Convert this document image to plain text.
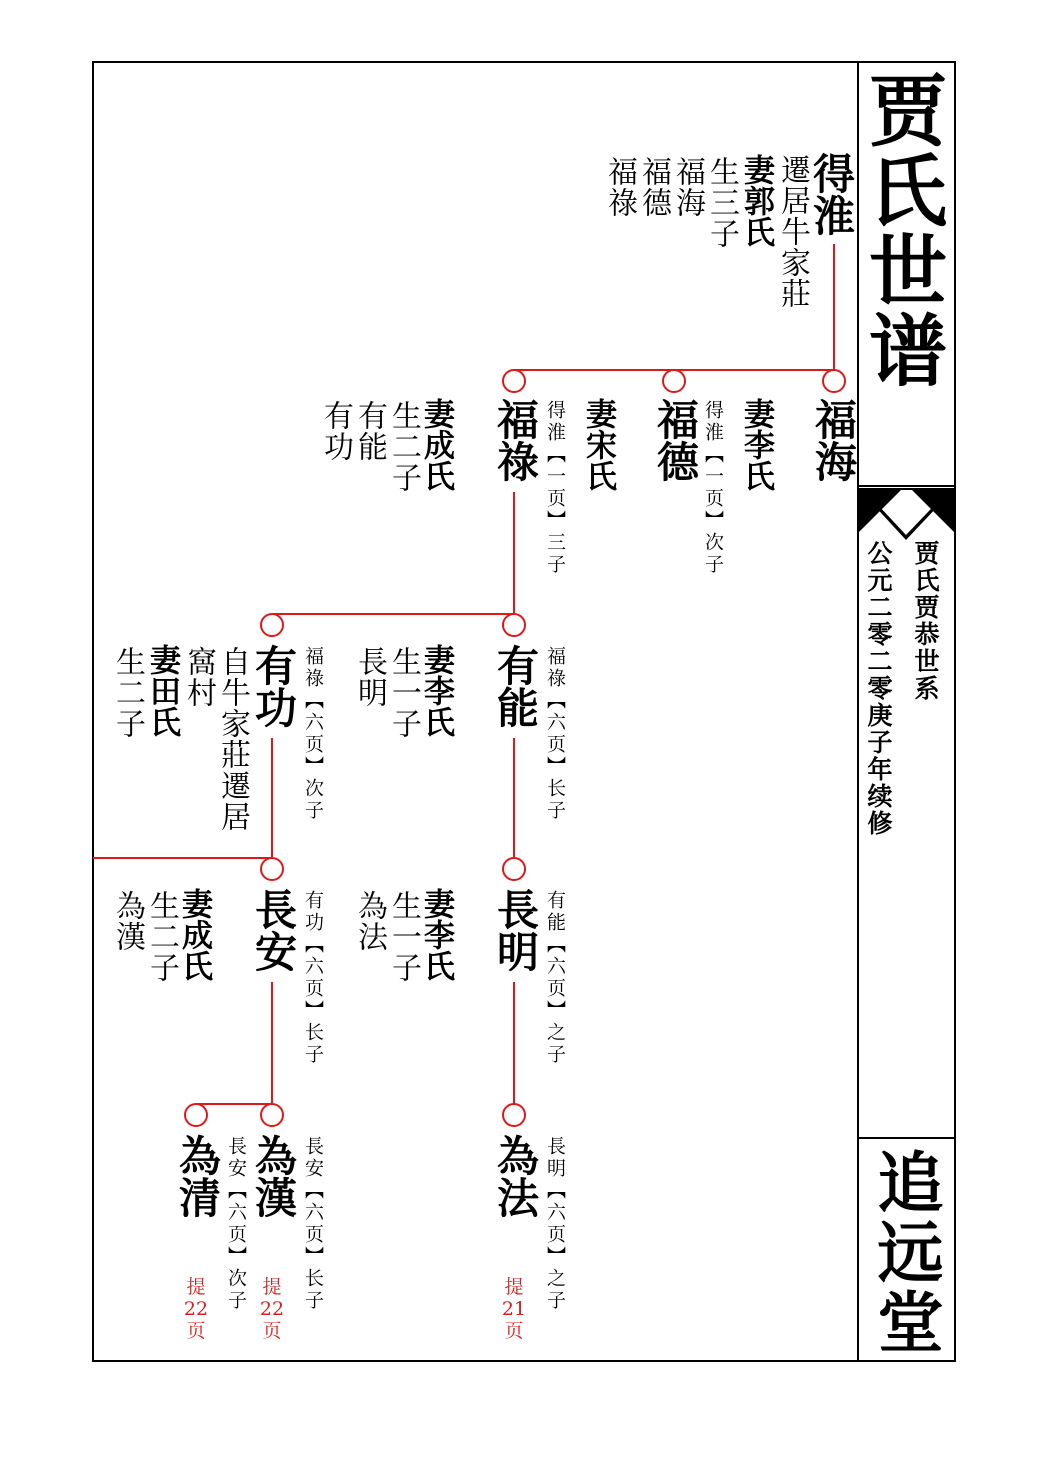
贾氏世谱
贾氏贾恭世系
公元二零二零庚子年续修
追远堂
得淮
遷居牛家莊
妻郭氏
生三子
福海
福德
福祿
福海
妻李氏
福德 得淮【一页】次子
妻宋氏
福祿 得淮【一页】三子
妻成氏
生二子
有能
有功
有能 福祿【六页】长子
妻李氏
生一子
長明
有功 福祿【六页】次子
自牛家莊遷居
窩村
妻田氏
生二子
長明 有能【六页】之子
妻李氏
生一子
為法
長安 有功【六页】长子
妻成氏
生二子
為漢
為法 長明【六页】之子
提
21
页
為漢 長安【六页】长子
提
22
页
為清 長安【六页】次子
提
22
页
